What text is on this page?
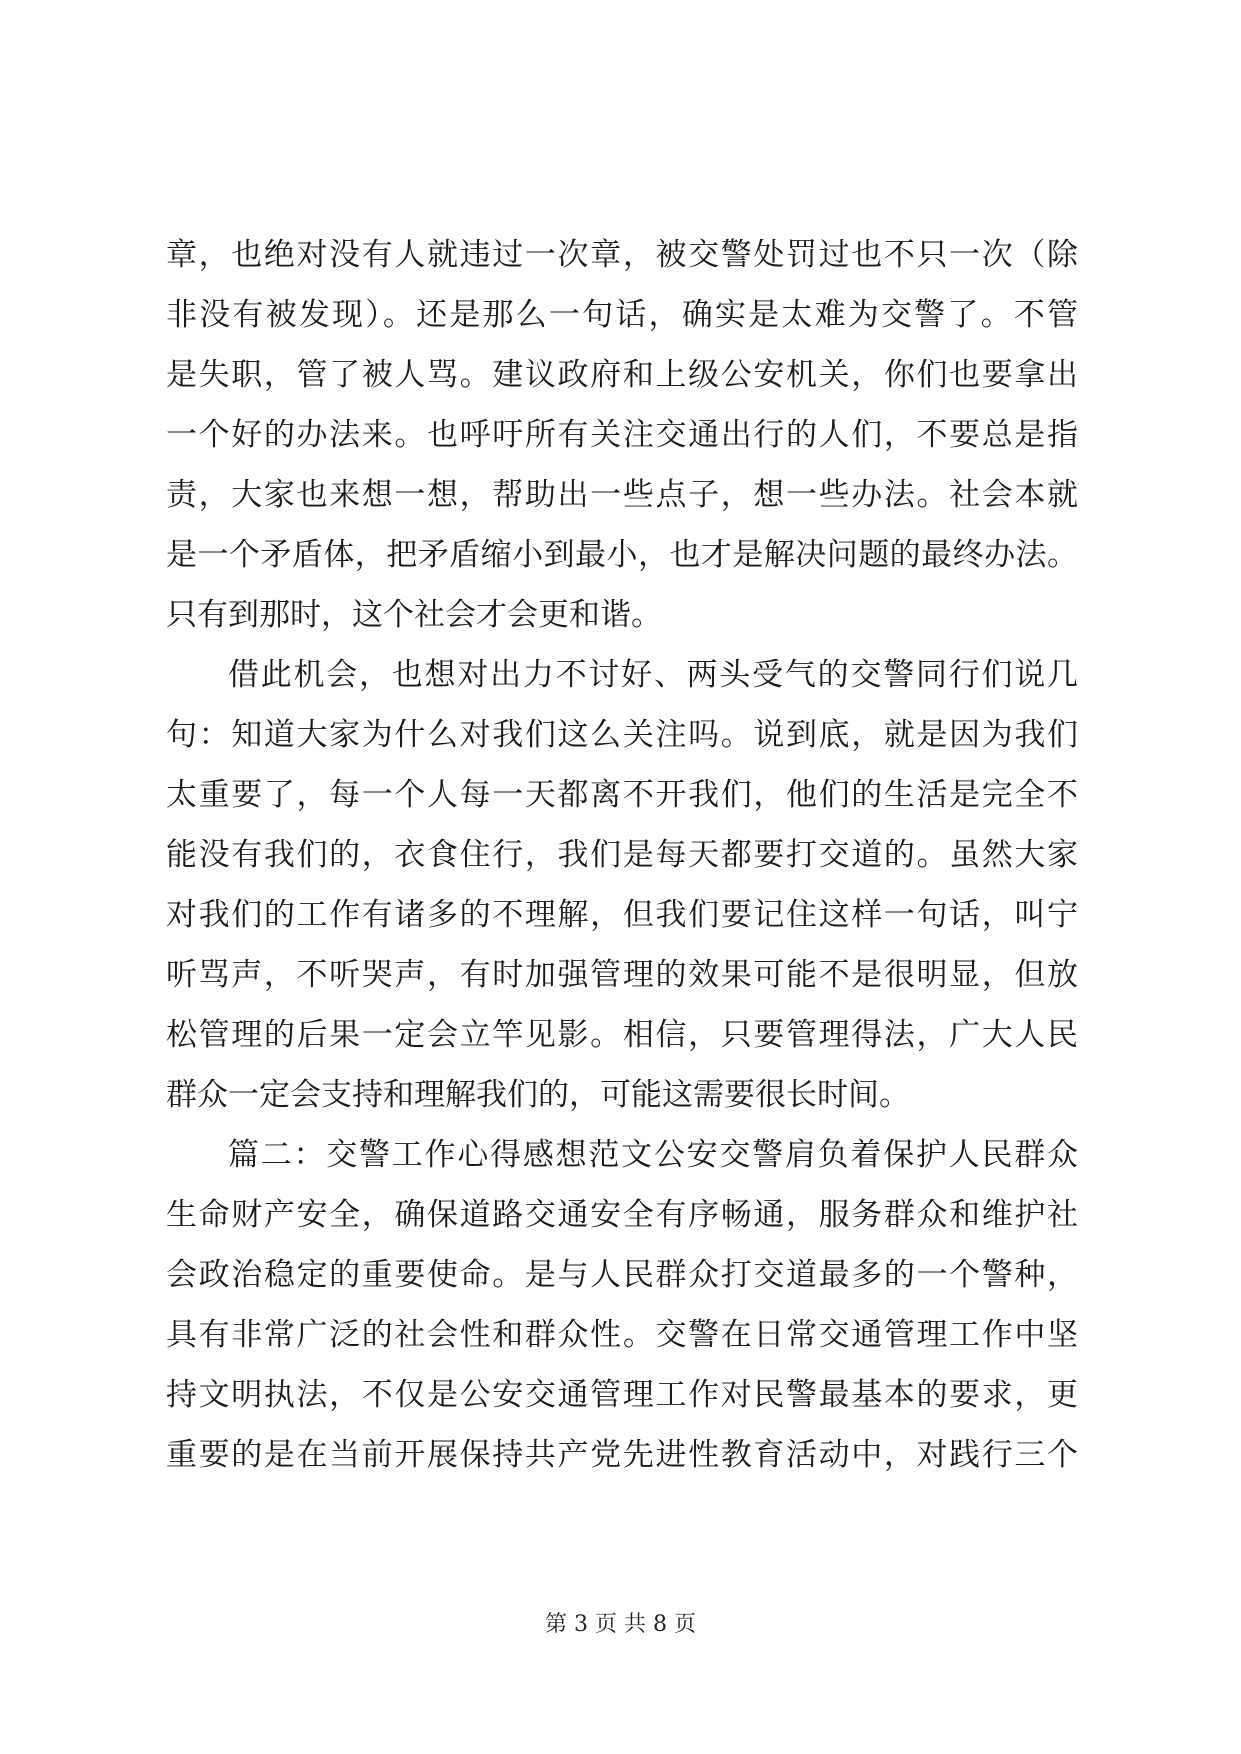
章，也绝对没有人就违过一次章，被交警处罚过也不只一次（除
非没有被发现）。还是那么一句话，确实是太难为交警了。不管
是失职，管了被人骂。建议政府和上级公安机关，你们也要拿出
一个好的办法来。也呼吁所有关注交通出行的人们，不要总是指
责，大家也来想一想，帮助出一些点子，想一些办法。社会本就
是一个矛盾体，把矛盾缩小到最小，也才是解决问题的最终办法。
只有到那时，这个社会才会更和谐。
借此机会，也想对出力不讨好、两头受气的交警同行们说几
句：知道大家为什么对我们这么关注吗。说到底，就是因为我们
太重要了，每一个人每一天都离不开我们，他们的生活是完全不
能没有我们的，衣食住行，我们是每天都要打交道的。虽然大家
对我们的工作有诸多的不理解，但我们要记住这样一句话，叫宁
听骂声，不听哭声，有时加强管理的效果可能不是很明显，但放
松管理的后果一定会立竿见影。相信，只要管理得法，广大人民
群众一定会支持和理解我们的，可能这需要很长时间。
篇二：交警工作心得感想范文公安交警肩负着保护人民群众
生命财产安全，确保道路交通安全有序畅通，服务群众和维护社
会政治稳定的重要使命。是与人民群众打交道最多的一个警种，
具有非常广泛的社会性和群众性。交警在日常交通管理工作中坚
持文明执法，不仅是公安交通管理工作对民警最基本的要求，更
重要的是在当前开展保持共产党先进性教育活动中，对践行三个
第 3 页 共 8 页
